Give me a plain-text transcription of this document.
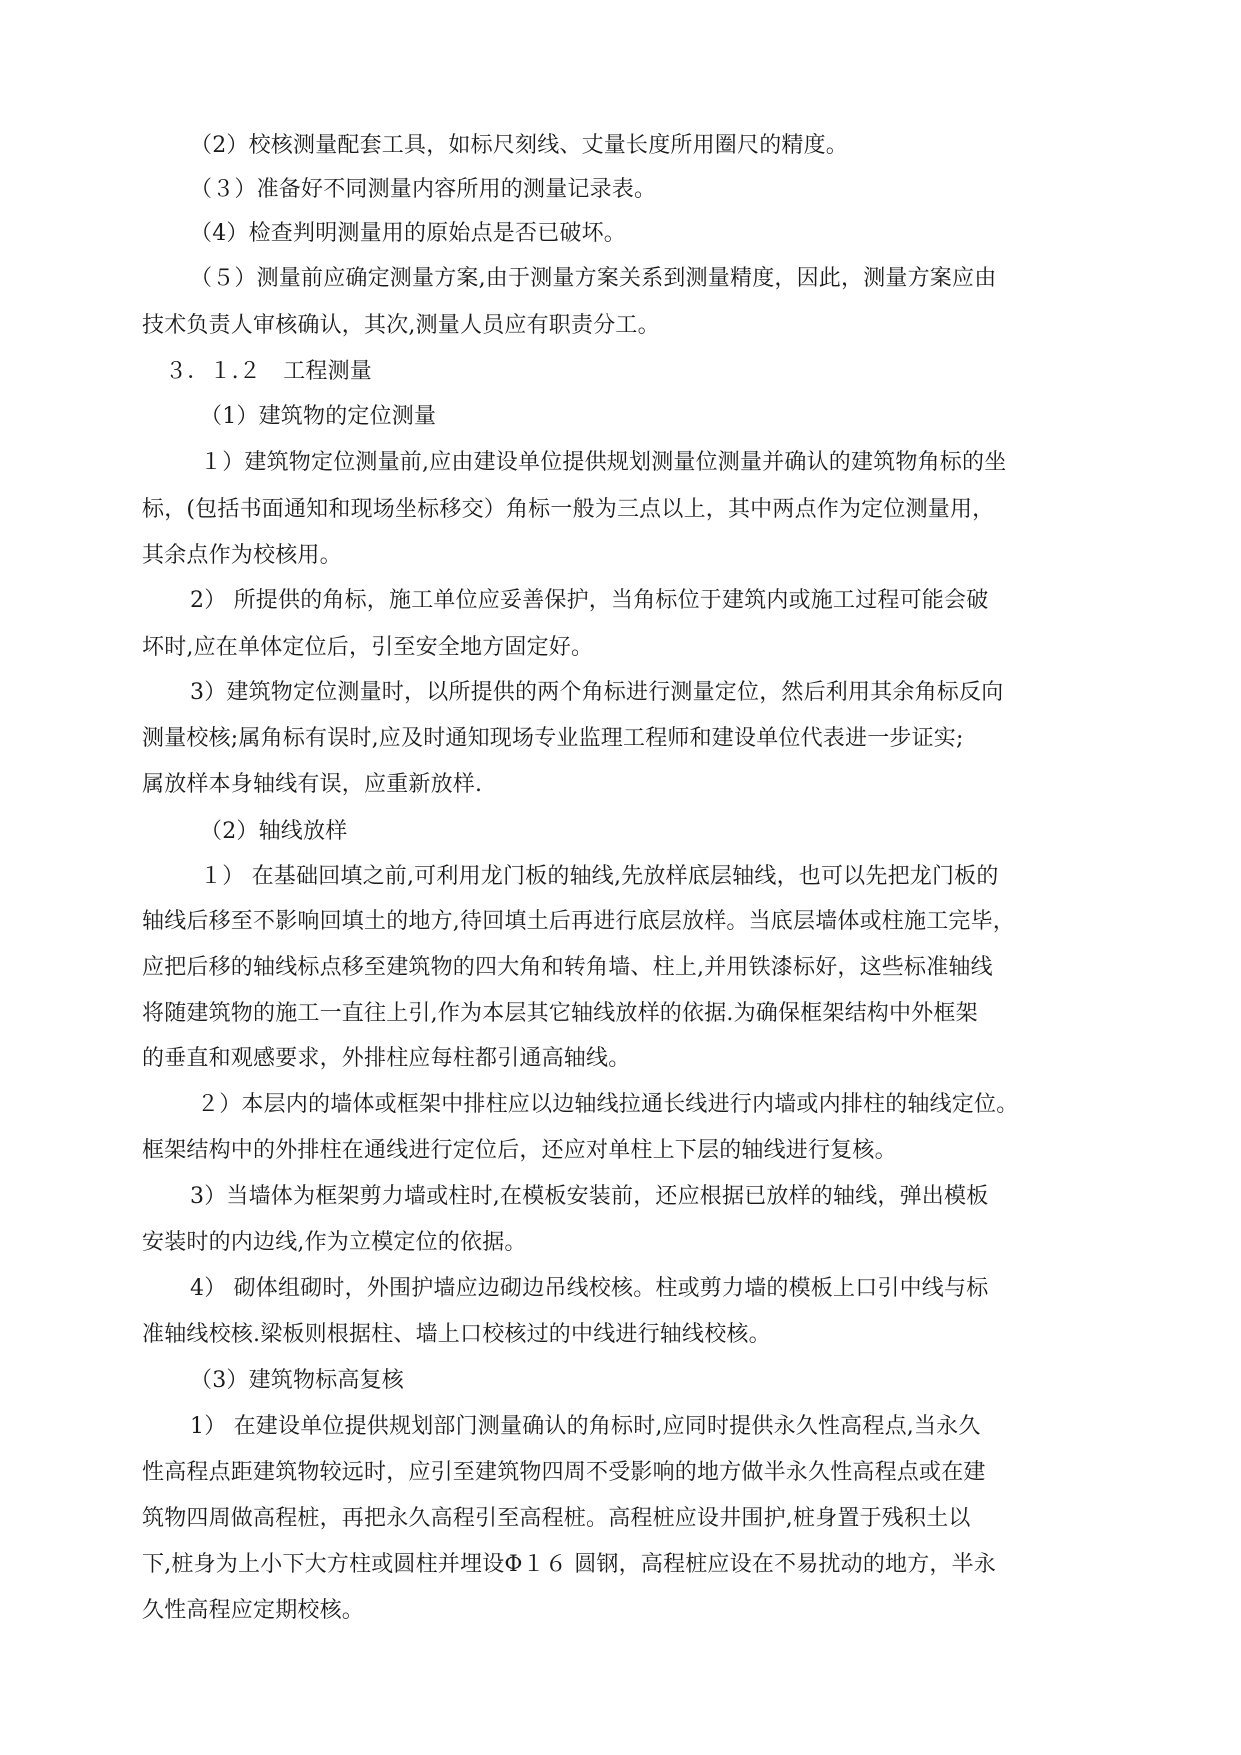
（2）校核测量配套工具，如标尺刻线、丈量长度所用圈尺的精度。
（３）准备好不同测量内容所用的测量记录表。
（4）检查判明测量用的原始点是否已破坏。
（５）测量前应确定测量方案,由于测量方案关系到测量精度，因此，测量方案应由
技术负责人审核确认，其次,测量人员应有职责分工。
３．１.２　工程测量
（1）建筑物的定位测量
１）建筑物定位测量前,应由建设单位提供规划测量位测量并确认的建筑物角标的坐
标，(包括书面通知和现场坐标移交）角标一般为三点以上，其中两点作为定位测量用，
其余点作为校核用。
2） 所提供的角标，施工单位应妥善保护，当角标位于建筑内或施工过程可能会破
坏时,应在单体定位后，引至安全地方固定好。
3）建筑物定位测量时，以所提供的两个角标进行测量定位，然后利用其余角标反向
测量校核;属角标有误时,应及时通知现场专业监理工程师和建设单位代表进一步证实;
属放样本身轴线有误，应重新放样.
（2）轴线放样
１） 在基础回填之前,可利用龙门板的轴线,先放样底层轴线，也可以先把龙门板的
轴线后移至不影响回填土的地方,待回填土后再进行底层放样。当底层墙体或柱施工完毕，
应把后移的轴线标点移至建筑物的四大角和转角墙、柱上,并用铁漆标好，这些标准轴线
将随建筑物的施工一直往上引,作为本层其它轴线放样的依据.为确保框架结构中外框架
的垂直和观感要求，外排柱应每柱都引通高轴线。
２）本层内的墙体或框架中排柱应以边轴线拉通长线进行内墙或内排柱的轴线定位。
框架结构中的外排柱在通线进行定位后，还应对单柱上下层的轴线进行复核。
3）当墙体为框架剪力墙或柱时,在模板安装前，还应根据已放样的轴线，弹出模板
安装时的内边线,作为立模定位的依据。
4） 砌体组砌时，外围护墙应边砌边吊线校核。柱或剪力墙的模板上口引中线与标
准轴线校核.梁板则根据柱、墙上口校核过的中线进行轴线校核。
（3）建筑物标高复核
1） 在建设单位提供规划部门测量确认的角标时,应同时提供永久性高程点,当永久
性高程点距建筑物较远时，应引至建筑物四周不受影响的地方做半永久性高程点或在建
筑物四周做高程桩，再把永久高程引至高程桩。高程桩应设井围护,桩身置于残积土以
下,桩身为上小下大方柱或圆柱并埋设Φ１６ 圆钢，高程桩应设在不易扰动的地方，半永
久性高程应定期校核。
